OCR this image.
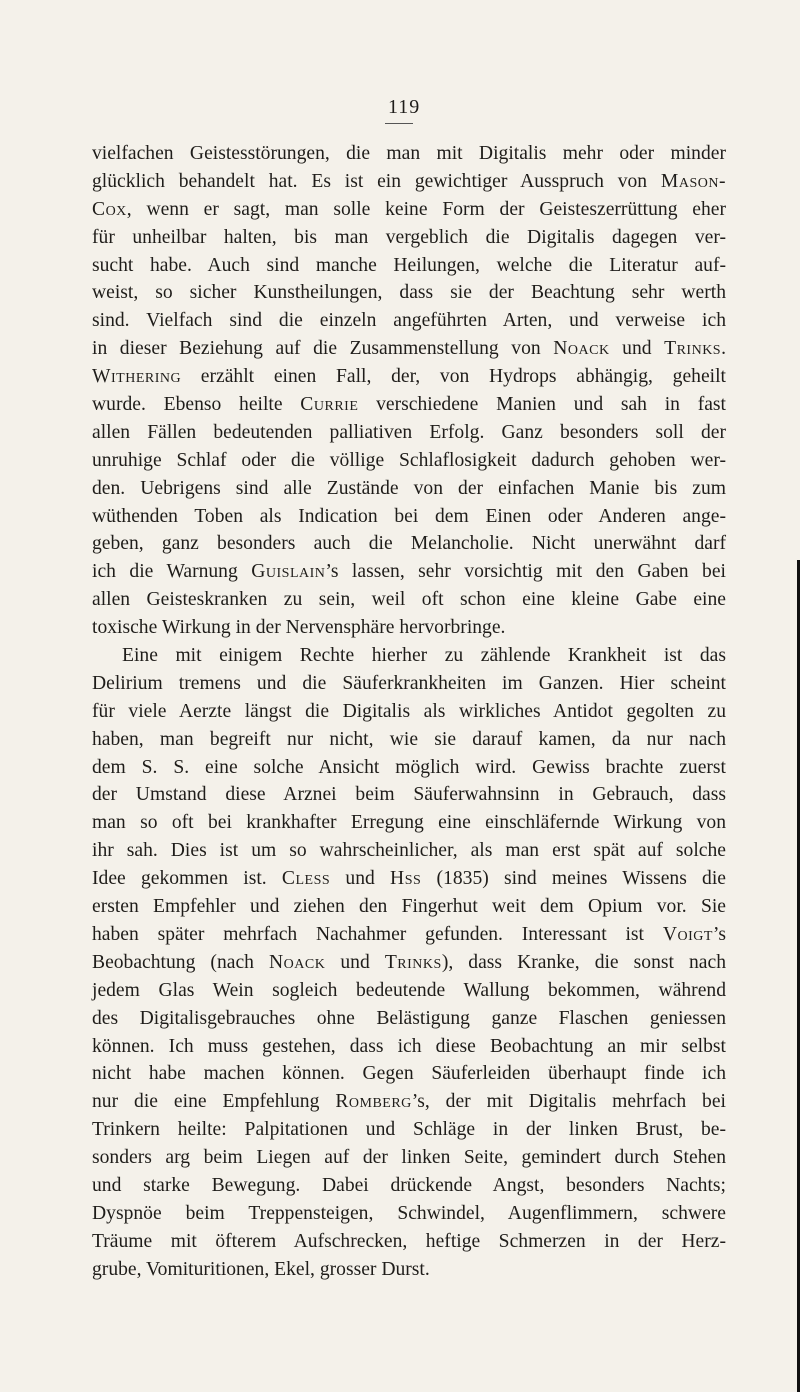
119
vielfachen Geistesstörungen, die man mit Digitalis mehr oder minder
glücklich behandelt hat. Es ist ein gewichtiger Ausspruch von Mason-
Cox, wenn er sagt, man solle keine Form der Geisteszerrüttung eher
für unheilbar halten, bis man vergeblich die Digitalis dagegen ver-
sucht habe. Auch sind manche Heilungen, welche die Literatur auf-
weist, so sicher Kunstheilungen, dass sie der Beachtung sehr werth
sind. Vielfach sind die einzeln angeführten Arten, und verweise ich
in dieser Beziehung auf die Zusammenstellung von Noack und Trinks.
Withering erzählt einen Fall, der, von Hydrops abhängig, geheilt
wurde. Ebenso heilte Currie verschiedene Manien und sah in fast
allen Fällen bedeutenden palliativen Erfolg. Ganz besonders soll der
unruhige Schlaf oder die völlige Schlaflosigkeit dadurch gehoben wer-
den. Uebrigens sind alle Zustände von der einfachen Manie bis zum
wüthenden Toben als Indication bei dem Einen oder Anderen ange-
geben, ganz besonders auch die Melancholie. Nicht unerwähnt darf
ich die Warnung Guislain’s lassen, sehr vorsichtig mit den Gaben bei
allen Geisteskranken zu sein, weil oft schon eine kleine Gabe eine
toxische Wirkung in der Nervensphäre hervorbringe.
Eine mit einigem Rechte hierher zu zählende Krankheit ist das
Delirium tremens und die Säuferkrankheiten im Ganzen. Hier scheint
für viele Aerzte längst die Digitalis als wirkliches Antidot gegolten zu
haben, man begreift nur nicht, wie sie darauf kamen, da nur nach
dem S. S. eine solche Ansicht möglich wird. Gewiss brachte zuerst
der Umstand diese Arznei beim Säuferwahnsinn in Gebrauch, dass
man so oft bei krankhafter Erregung eine einschläfernde Wirkung von
ihr sah. Dies ist um so wahrscheinlicher, als man erst spät auf solche
Idee gekommen ist. Cless und Hss (1835) sind meines Wissens die
ersten Empfehler und ziehen den Fingerhut weit dem Opium vor. Sie
haben später mehrfach Nachahmer gefunden. Interessant ist Voigt’s
Beobachtung (nach Noack und Trinks), dass Kranke, die sonst nach
jedem Glas Wein sogleich bedeutende Wallung bekommen, während
des Digitalisgebrauches ohne Belästigung ganze Flaschen geniessen
können. Ich muss gestehen, dass ich diese Beobachtung an mir selbst
nicht habe machen können. Gegen Säuferleiden überhaupt finde ich
nur die eine Empfehlung Romberg’s, der mit Digitalis mehrfach bei
Trinkern heilte: Palpitationen und Schläge in der linken Brust, be-
sonders arg beim Liegen auf der linken Seite, gemindert durch Stehen
und starke Bewegung. Dabei drückende Angst, besonders Nachts;
Dyspnöe beim Treppensteigen, Schwindel, Augenflimmern, schwere
Träume mit öfterem Aufschrecken, heftige Schmerzen in der Herz-
grube, Vomituritionen, Ekel, grosser Durst.
